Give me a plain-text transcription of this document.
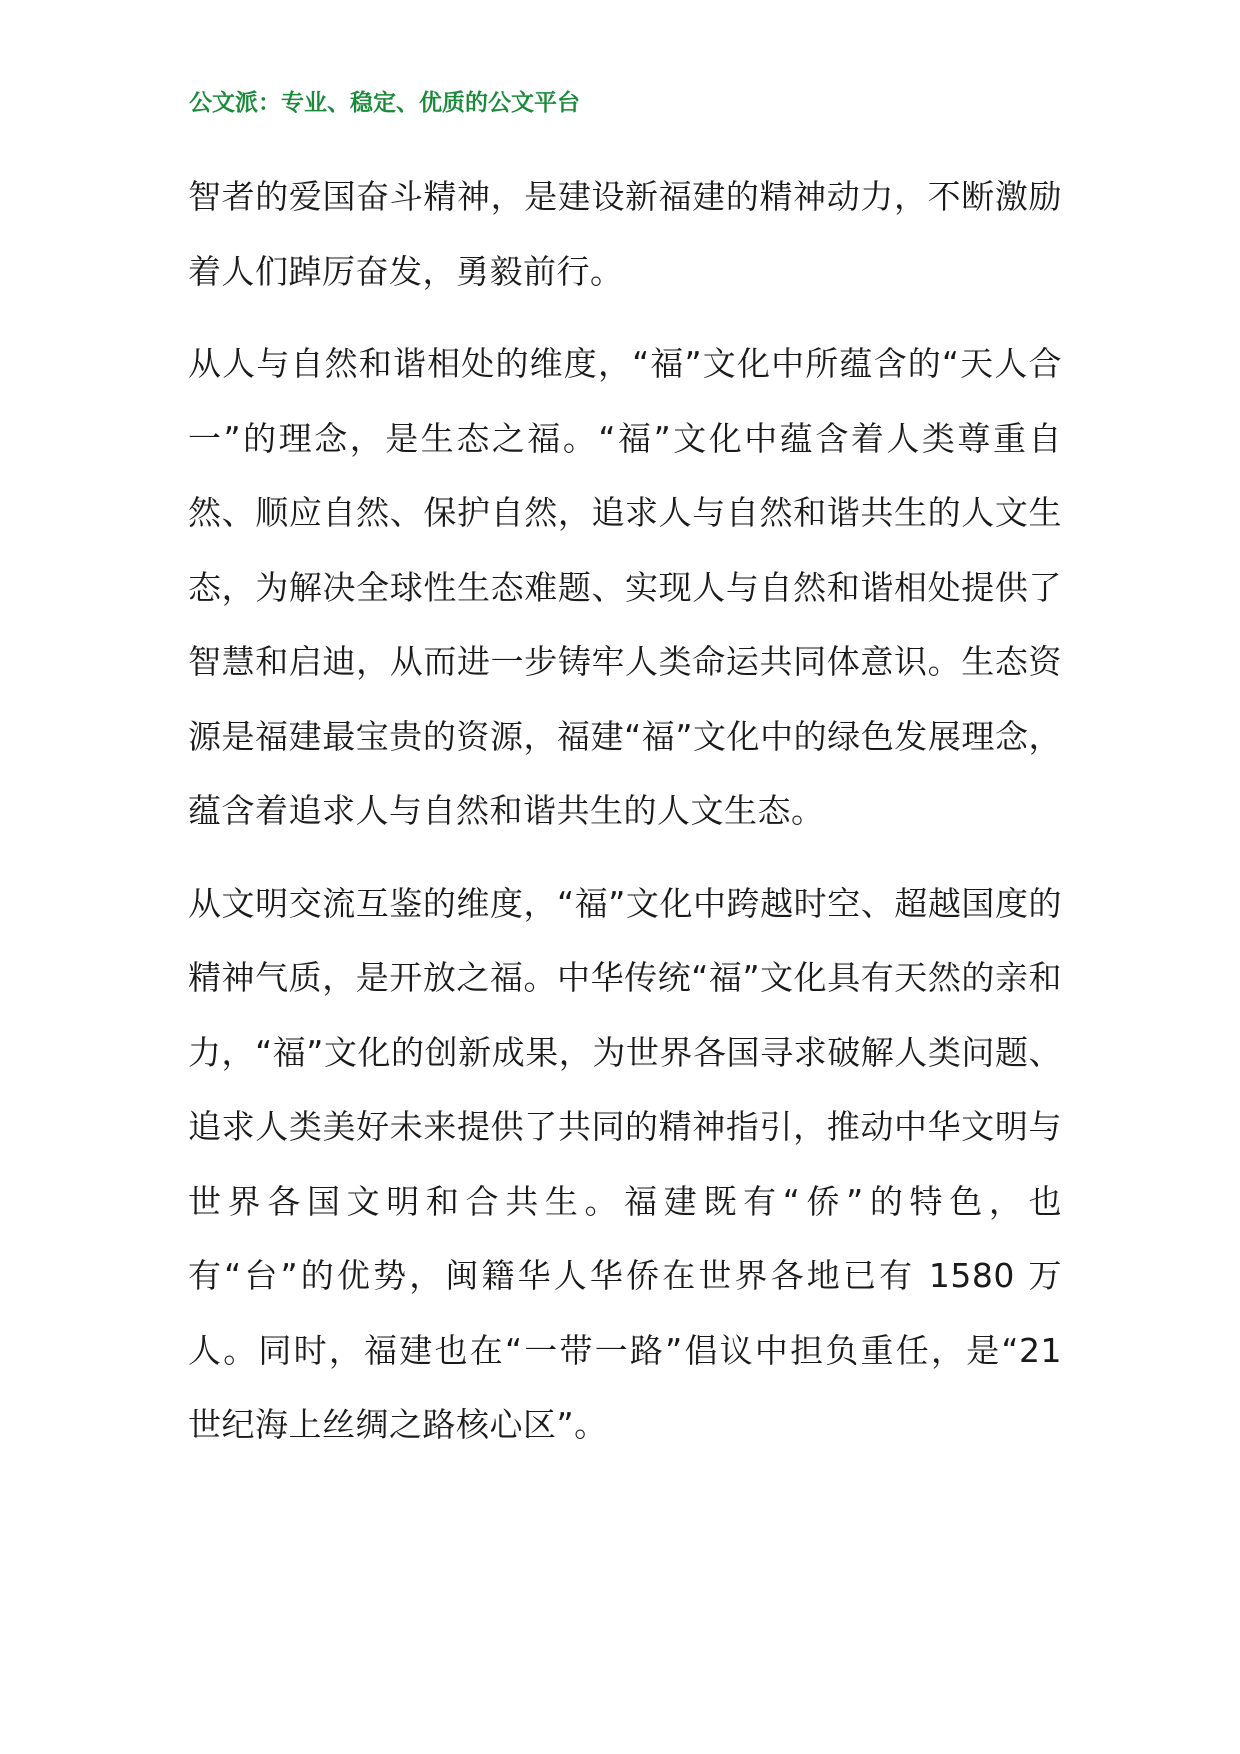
公文派：专业、稳定、优质的公文平台

智者的爱国奋斗精神，是建设新福建的精神动力，不断激励着人们踔厉奋发，勇毅前行。

从人与自然和谐相处的维度，“福”文化中所蕴含的“天人合一”的理念，是生态之福。“福”文化中蕴含着人类尊重自然、顺应自然、保护自然，追求人与自然和谐共生的人文生态，为解决全球性生态难题、实现人与自然和谐相处提供了智慧和启迪，从而进一步铸牢人类命运共同体意识。生态资源是福建最宝贵的资源，福建“福”文化中的绿色发展理念，蕴含着追求人与自然和谐共生的人文生态。

从文明交流互鉴的维度，“福”文化中跨越时空、超越国度的精神气质，是开放之福。中华传统“福”文化具有天然的亲和力，“福”文化的创新成果，为世界各国寻求破解人类问题、追求人类美好未来提供了共同的精神指引，推动中华文明与世界各国文明和合共生。福建既有“侨”的特色，也有“台”的优势，闽籍华人华侨在世界各地已有 1580 万人。同时，福建也在“一带一路”倡议中担负重任，是“21 世纪海上丝绸之路核心区”。
